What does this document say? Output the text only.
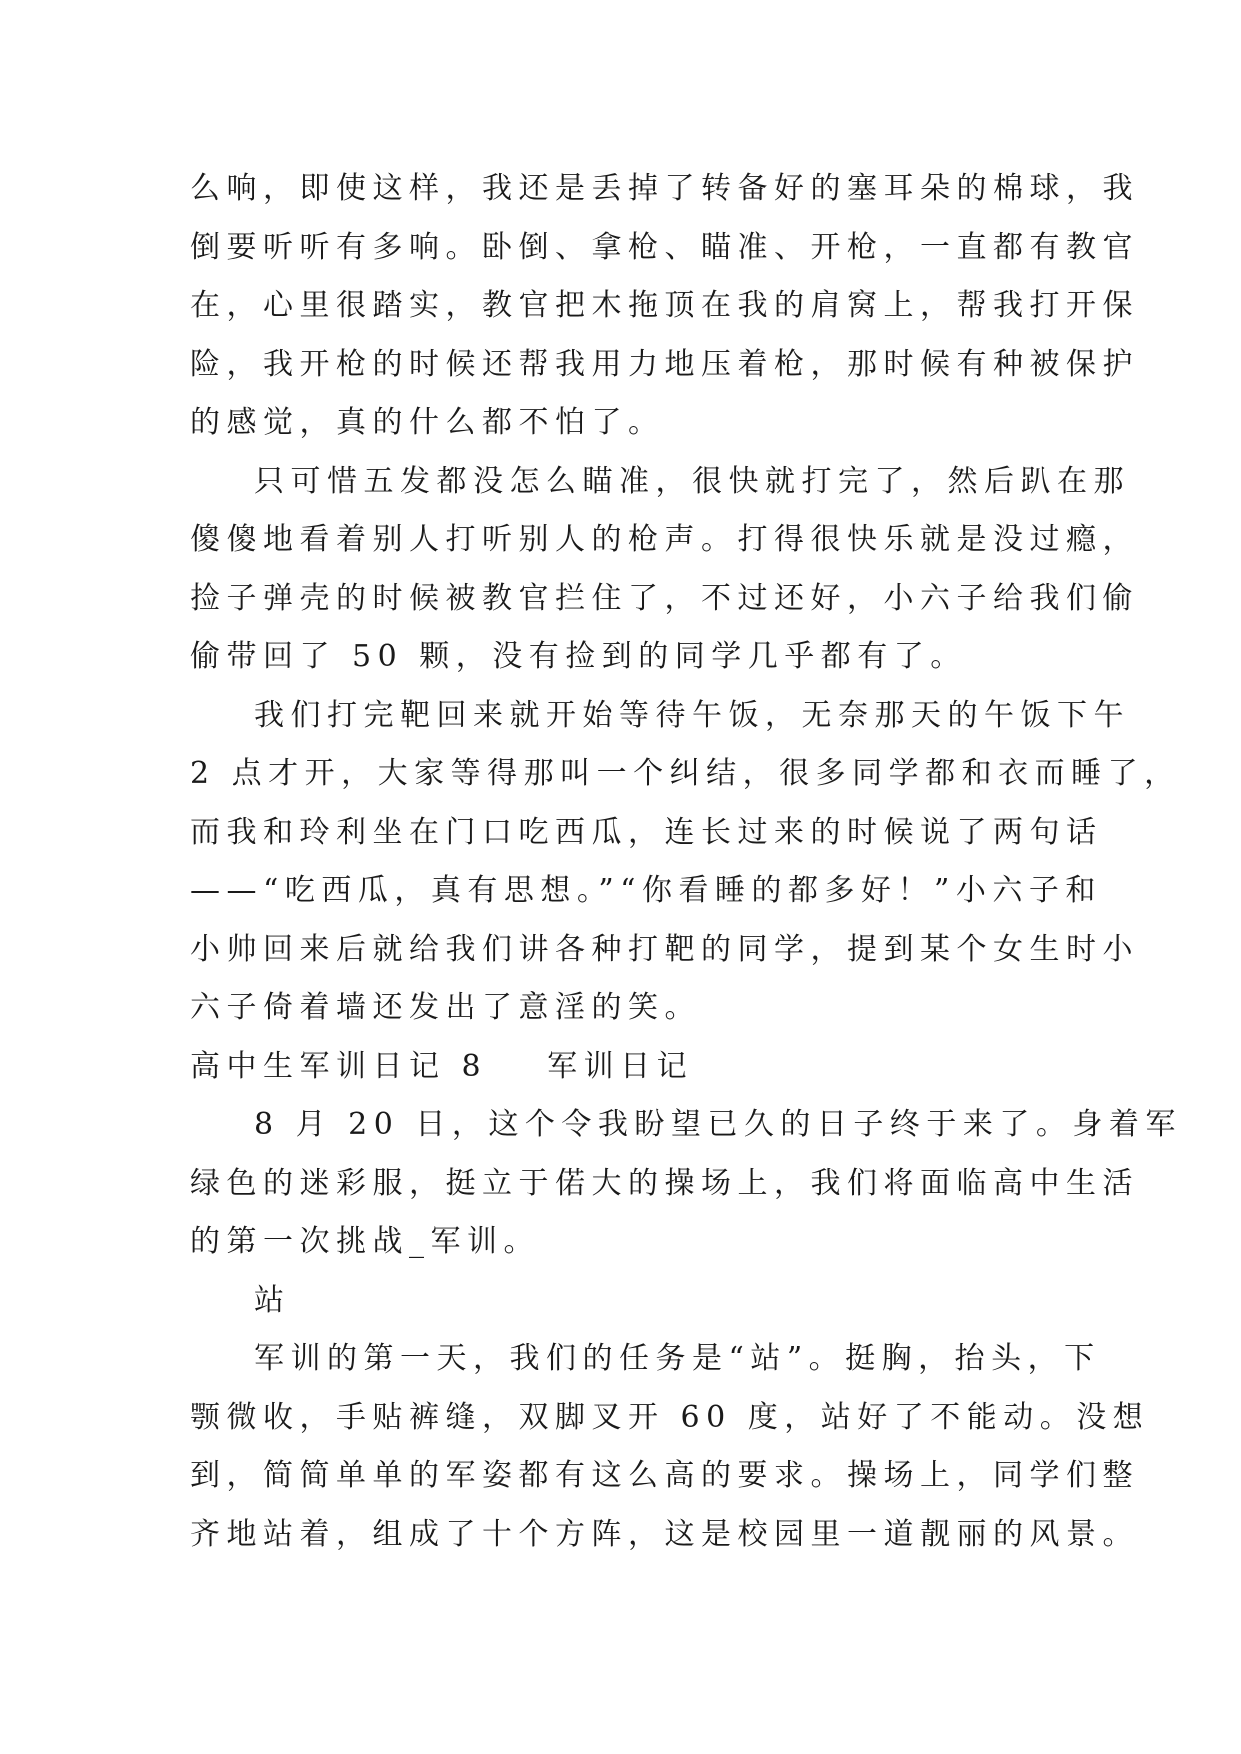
么响，即使这样，我还是丢掉了转备好的塞耳朵的棉球，我
倒要听听有多响。卧倒、拿枪、瞄准、开枪，一直都有教官
在，心里很踏实，教官把木拖顶在我的肩窝上，帮我打开保
险，我开枪的时候还帮我用力地压着枪，那时候有种被保护
的感觉，真的什么都不怕了。
只可惜五发都没怎么瞄准，很快就打完了，然后趴在那
傻傻地看着别人打听别人的枪声。打得很快乐就是没过瘾，
捡子弹壳的时候被教官拦住了，不过还好，小六子给我们偷
偷带回了 50 颗，没有捡到的同学几乎都有了。
我们打完靶回来就开始等待午饭，无奈那天的午饭下午
2 点才开，大家等得那叫一个纠结，很多同学都和衣而睡了，
而我和玲利坐在门口吃西瓜，连长过来的时候说了两句话
——“吃西瓜，真有思想。”“你看睡的都多好！”小六子和
小帅回来后就给我们讲各种打靶的同学，提到某个女生时小
六子倚着墙还发出了意淫的笑。
高中生军训日记 8 军训日记
8 月 20 日，这个令我盼望已久的日子终于来了。身着军
绿色的迷彩服，挺立于偌大的操场上，我们将面临高中生活
的第一次挑战_军训。
站
军训的第一天，我们的任务是“站”。挺胸，抬头，下
颚微收，手贴裤缝，双脚叉开 60 度，站好了不能动。没想
到，简简单单的军姿都有这么高的要求。操场上，同学们整
齐地站着，组成了十个方阵，这是校园里一道靓丽的风景。
